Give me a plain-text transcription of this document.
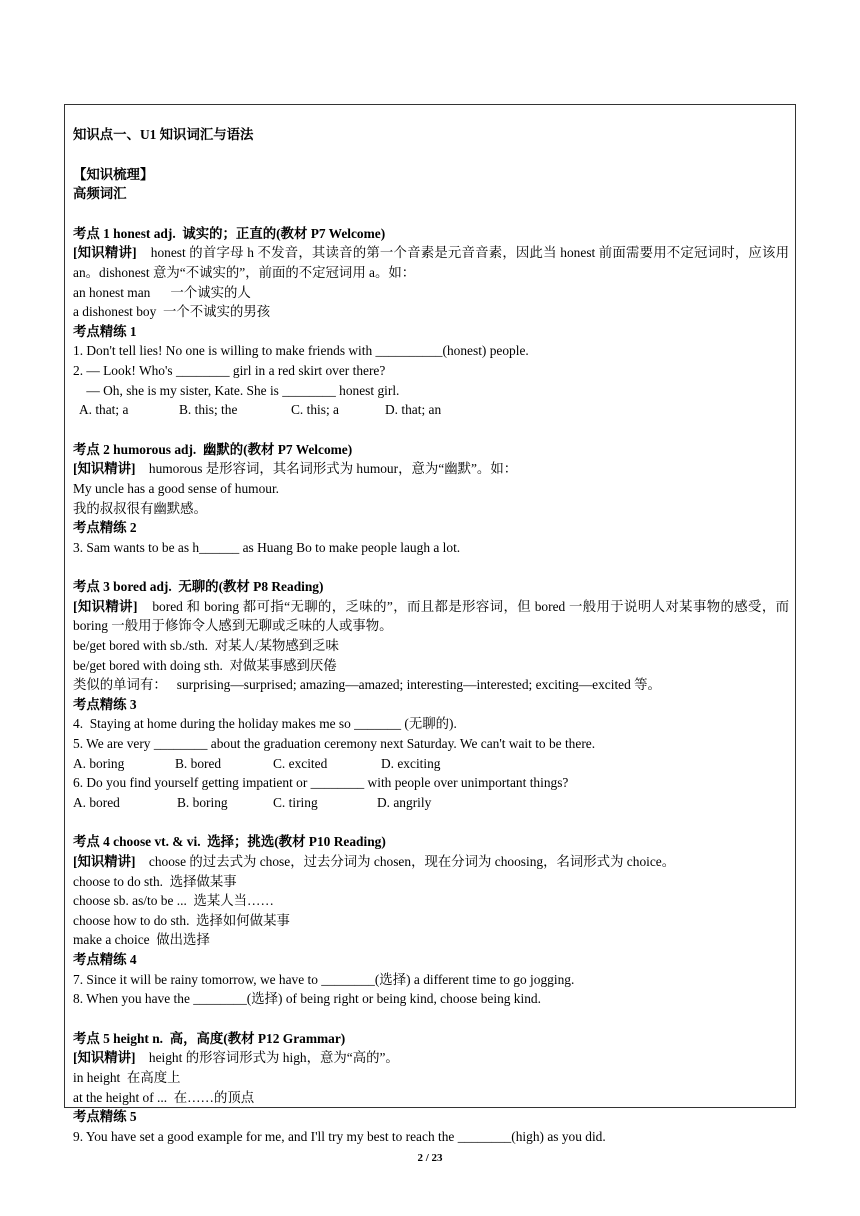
知识点一、U1 知识词汇与语法
【知识梳理】
高频词汇
考点 1 honest adj.  诚实的；正直的(教材 P7 Welcome)
[知识精讲] honest 的首字母 h 不发音，其读音的第一个音素是元音音素，因此当 honest 前面需要用不定冠词时，应该用 an。dishonest 意为“不诚实的”，前面的不定冠词用 a。如：
an honest man      一个诚实的人
a dishonest boy  一个不诚实的男孩
考点精练 1
1. Don't tell lies! No one is willing to make friends with __________(honest) people.
2. — Look! Who's ________ girl in a red skirt over there?
— Oh, she is my sister, Kate. She is ________ honest girl.
A. that; a	B. this; the	C. this; a	D. that; an
考点 2 humorous adj.  幽默的(教材 P7 Welcome)
[知识精讲] humorous 是形容词，其名词形式为 humour，意为“幽默”。如：
My uncle has a good sense of humour.
我的叔叔很有幽默感。
考点精练 2
3. Sam wants to be as h______ as Huang Bo to make people laugh a lot.
考点 3 bored adj.  无聊的(教材 P8 Reading)
[知识精讲] bored 和 boring 都可指“无聊的，乏味的”，而且都是形容词，但 bored 一般用于说明人对某事物的感受，而 boring 一般用于修饰令人感到无聊或乏味的人或事物。
be/get bored with sb./sth.  对某人/某物感到乏味
be/get bored with doing sth.  对做某事感到厌倦
类似的单词有：   surprising—surprised; amazing—amazed; interesting—interested; exciting—excited 等。
考点精练 3
4.  Staying at home during the holiday makes me so _______ (无聊的).
5. We are very ________ about the graduation ceremony next Saturday. We can't wait to be there.
A. boring	B. bored	C. excited	D. exciting
6. Do you find yourself getting impatient or ________ with people over unimportant things?
A. bored	B. boring	C. tiring	D. angrily
考点 4 choose vt. & vi.  选择；挑选(教材 P10 Reading)
[知识精讲] choose 的过去式为 chose，过去分词为 chosen，现在分词为 choosing，名词形式为 choice。
choose to do sth.  选择做某事
choose sb. as/to be ...  选某人当……
choose how to do sth.  选择如何做某事
make a choice  做出选择
考点精练 4
7. Since it will be rainy tomorrow, we have to ________(选择) a different time to go jogging.
8. When you have the ________(选择) of being right or being kind, choose being kind.
考点 5 height n.  高，高度(教材 P12 Grammar)
[知识精讲] height 的形容词形式为 high，意为“高的”。
in height  在高度上
at the height of ...  在……的顶点
考点精练 5
9. You have set a good example for me, and I'll try my best to reach the ________(high) as you did.
2 / 23
